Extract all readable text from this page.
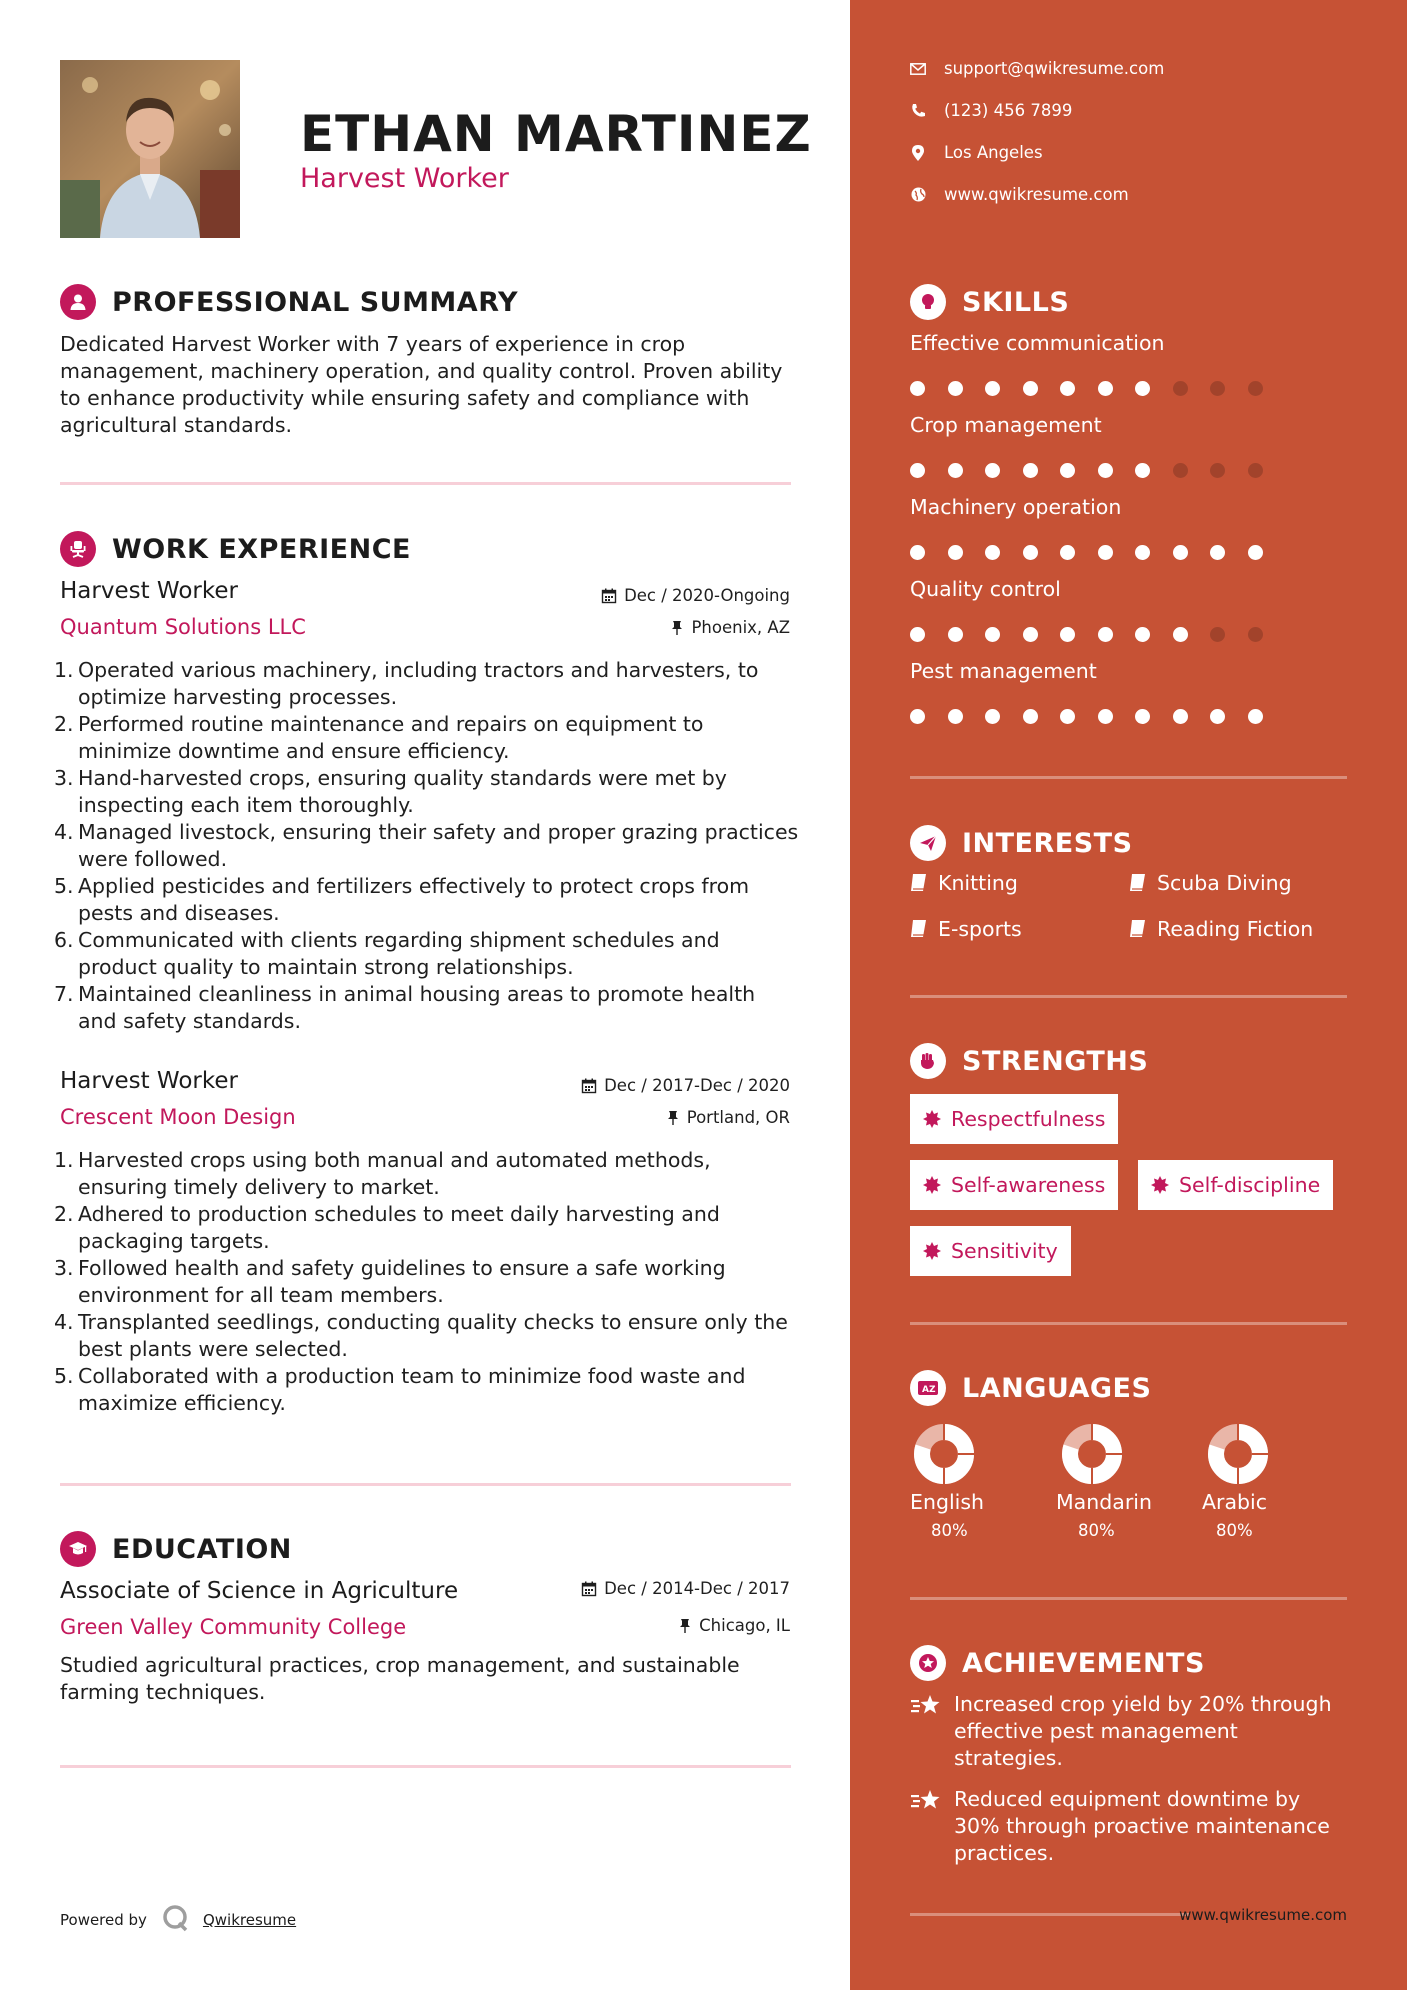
ETHAN MARTINEZ
Harvest Worker
PROFESSIONAL SUMMARY
Dedicated Harvest Worker with 7 years of experience in crop management, machinery operation, and quality control. Proven ability to enhance productivity while ensuring safety and compliance with agricultural standards.
WORK EXPERIENCE
Harvest Worker	Dec / 2020-Ongoing
Quantum Solutions LLC	Phoenix, AZ
Operated various machinery, including tractors and harvesters, to optimize harvesting processes.
Performed routine maintenance and repairs on equipment to minimize downtime and ensure efficiency.
Hand-harvested crops, ensuring quality standards were met by inspecting each item thoroughly.
Managed livestock, ensuring their safety and proper grazing practices were followed.
Applied pesticides and fertilizers effectively to protect crops from pests and diseases.
Communicated with clients regarding shipment schedules and product quality to maintain strong relationships.
Maintained cleanliness in animal housing areas to promote health and safety standards.
Harvest Worker	Dec / 2017-Dec / 2020
Crescent Moon Design	Portland, OR
Harvested crops using both manual and automated methods, ensuring timely delivery to market.
Adhered to production schedules to meet daily harvesting and packaging targets.
Followed health and safety guidelines to ensure a safe working environment for all team members.
Transplanted seedlings, conducting quality checks to ensure only the best plants were selected.
Collaborated with a production team to minimize food waste and maximize efficiency.
EDUCATION
Associate of Science in Agriculture	Dec / 2014-Dec / 2017
Green Valley Community College	Chicago, IL
Studied agricultural practices, crop management, and sustainable farming techniques.
Powered by	Qwikresume
support@qwikresume.com
(123) 456 7899
Los Angeles
www.qwikresume.com
SKILLS
Effective communication
Crop management
Machinery operation
Quality control
Pest management
INTERESTS
Knitting	Scuba Diving
E-sports	Reading Fiction
STRENGTHS
Respectfulness
Self-awareness	Self-discipline
Sensitivity
A Z LANGUAGES
English
80%
Mandarin
80%
Arabic
80%
ACHIEVEMENTS
Increased crop yield by 20% through effective pest management strategies.
Reduced equipment downtime by 30% through proactive maintenance practices.
www.qwikresume.com
